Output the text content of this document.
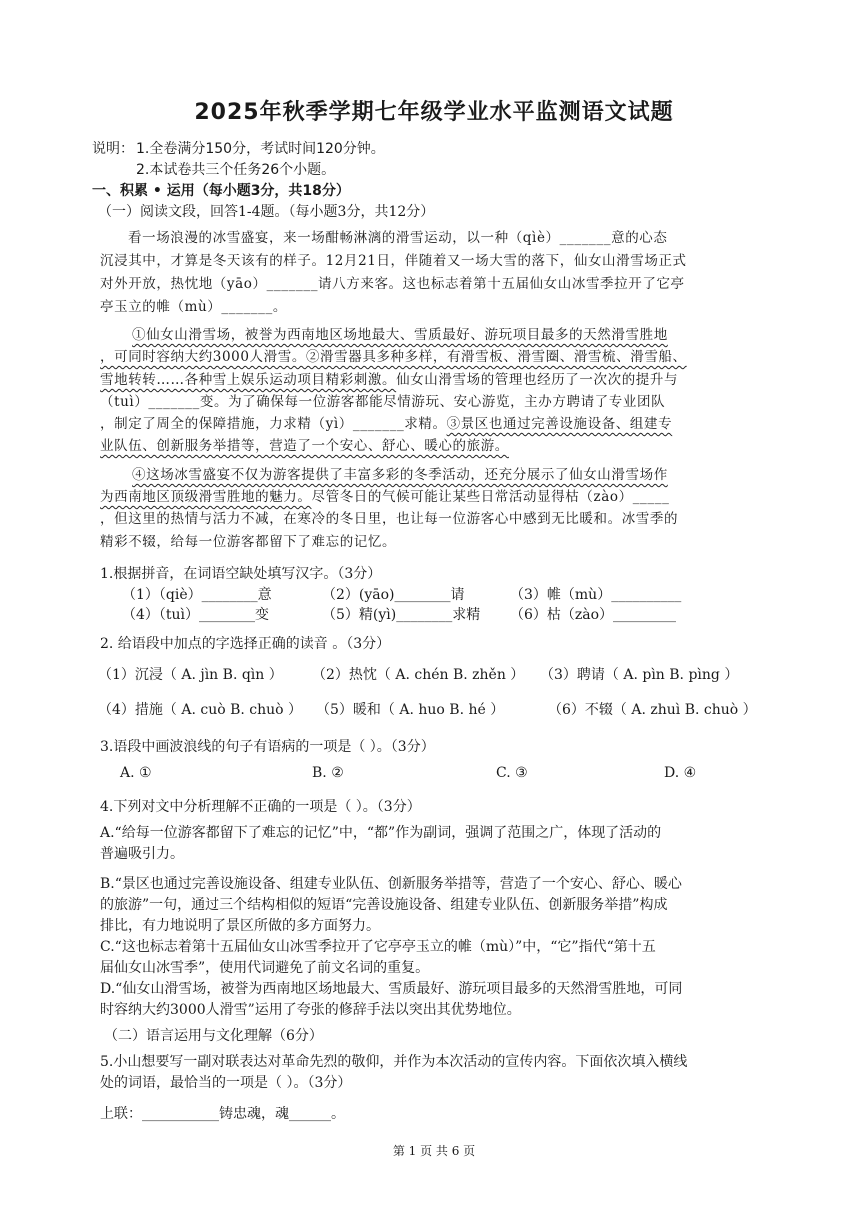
2025年秋季学期七年级学业水平监测语文试题
说明： 1.全卷满分150分，考试时间120分钟。
2.本试卷共三个任务26个小题。
一、积累 • 运用（每小题3分，共18分）
（一）阅读文段，回答1-4题。（每小题3分，共12分）
看一场浪漫的冰雪盛宴，来一场酣畅淋漓的滑雪运动，以一种（qìè）_______意的心态
沉浸其中，才算是冬天该有的样子。12月21日，伴随着又一场大雪的落下，仙女山滑雪场正式
对外开放，热忱地（yāo）_______请八方来客。这也标志着第十五届仙女山冰雪季拉开了它亭
亭玉立的帷（mù）_______。
①仙女山滑雪场，被誉为西南地区场地最大、雪质最好、游玩项目最多的天然滑雪胜地
，可同时容纳大约3000人滑雪。②滑雪器具多种多样，有滑雪板、滑雪圈、滑雪梳、滑雪船、
雪地转转……各种雪上娱乐运动项目精彩刺激。仙女山滑雪场的管理也经历了一次次的提升与
（tuì）_______变。为了确保每一位游客都能尽情游玩、安心游览，主办方聘请了专业团队
，制定了周全的保障措施，力求精（yì）_______求精。③景区也通过完善设施设备、组建专
业队伍、创新服务举措等，营造了一个安心、舒心、暖心的旅游。
④这场冰雪盛宴不仅为游客提供了丰富多彩的冬季活动，还充分展示了仙女山滑雪场作
为西南地区顶级滑雪胜地的魅力。尽管冬日的气候可能让某些日常活动显得枯（zào）_____
，但这里的热情与活力不减，在寒冷的冬日里，也让每一位游客心中感到无比暖和。冰雪季的
精彩不辍，给每一位游客都留下了难忘的记忆。
1.根据拼音，在词语空缺处填写汉字。（3分）
（1）（qiè）________意	（2）(yāo)________请	（3）帷（mù）__________
（4）（tuì）________变	（5）精(yì)________求精 （6）枯（zào）_________
2. 给语段中加点的字选择正确的读音 。（3分）
（1）沉浸（ A. jìn B. qìn ） （2）热忱（ A. chén B. zhěn ） （3）聘请（ A. pìn B. pìng ）
（4）措施（ A. cuò B. chuò ） （5）暖和（ A. huo B. hé ）	（6）不辍（ A. zhuì B. chuò ）
3.语段中画波浪线的句子有语病的一项是（ ）。（3分）
A. ①	B. ②	C. ③	D. ④
4.下列对文中分析理解不正确的一项是（ ）。（3分）
A.“给每一位游客都留下了难忘的记忆”中，“都”作为副词，强调了范围之广，体现了活动的
普遍吸引力。
B.“景区也通过完善设施设备、组建专业队伍、创新服务举措等，营造了一个安心、舒心、暖心
的旅游”一句，通过三个结构相似的短语“完善设施设备、组建专业队伍、创新服务举措”构成
排比，有力地说明了景区所做的多方面努力。
C.“这也标志着第十五届仙女山冰雪季拉开了它亭亭玉立的帷（mù）”中，“它”指代“第十五
届仙女山冰雪季”，使用代词避免了前文名词的重复。
D.“仙女山滑雪场，被誉为西南地区场地最大、雪质最好、游玩项目最多的天然滑雪胜地，可同
时容纳大约3000人滑雪”运用了夸张的修辞手法以突出其优势地位。
（二）语言运用与文化理解（6分）
5.小山想要写一副对联表达对革命先烈的敬仰，并作为本次活动的宣传内容。下面依次填入横线
处的词语，最恰当的一项是（ ）。（3分）
上联：___________铸忠魂，魂______。
第 1 页 共 6 页
